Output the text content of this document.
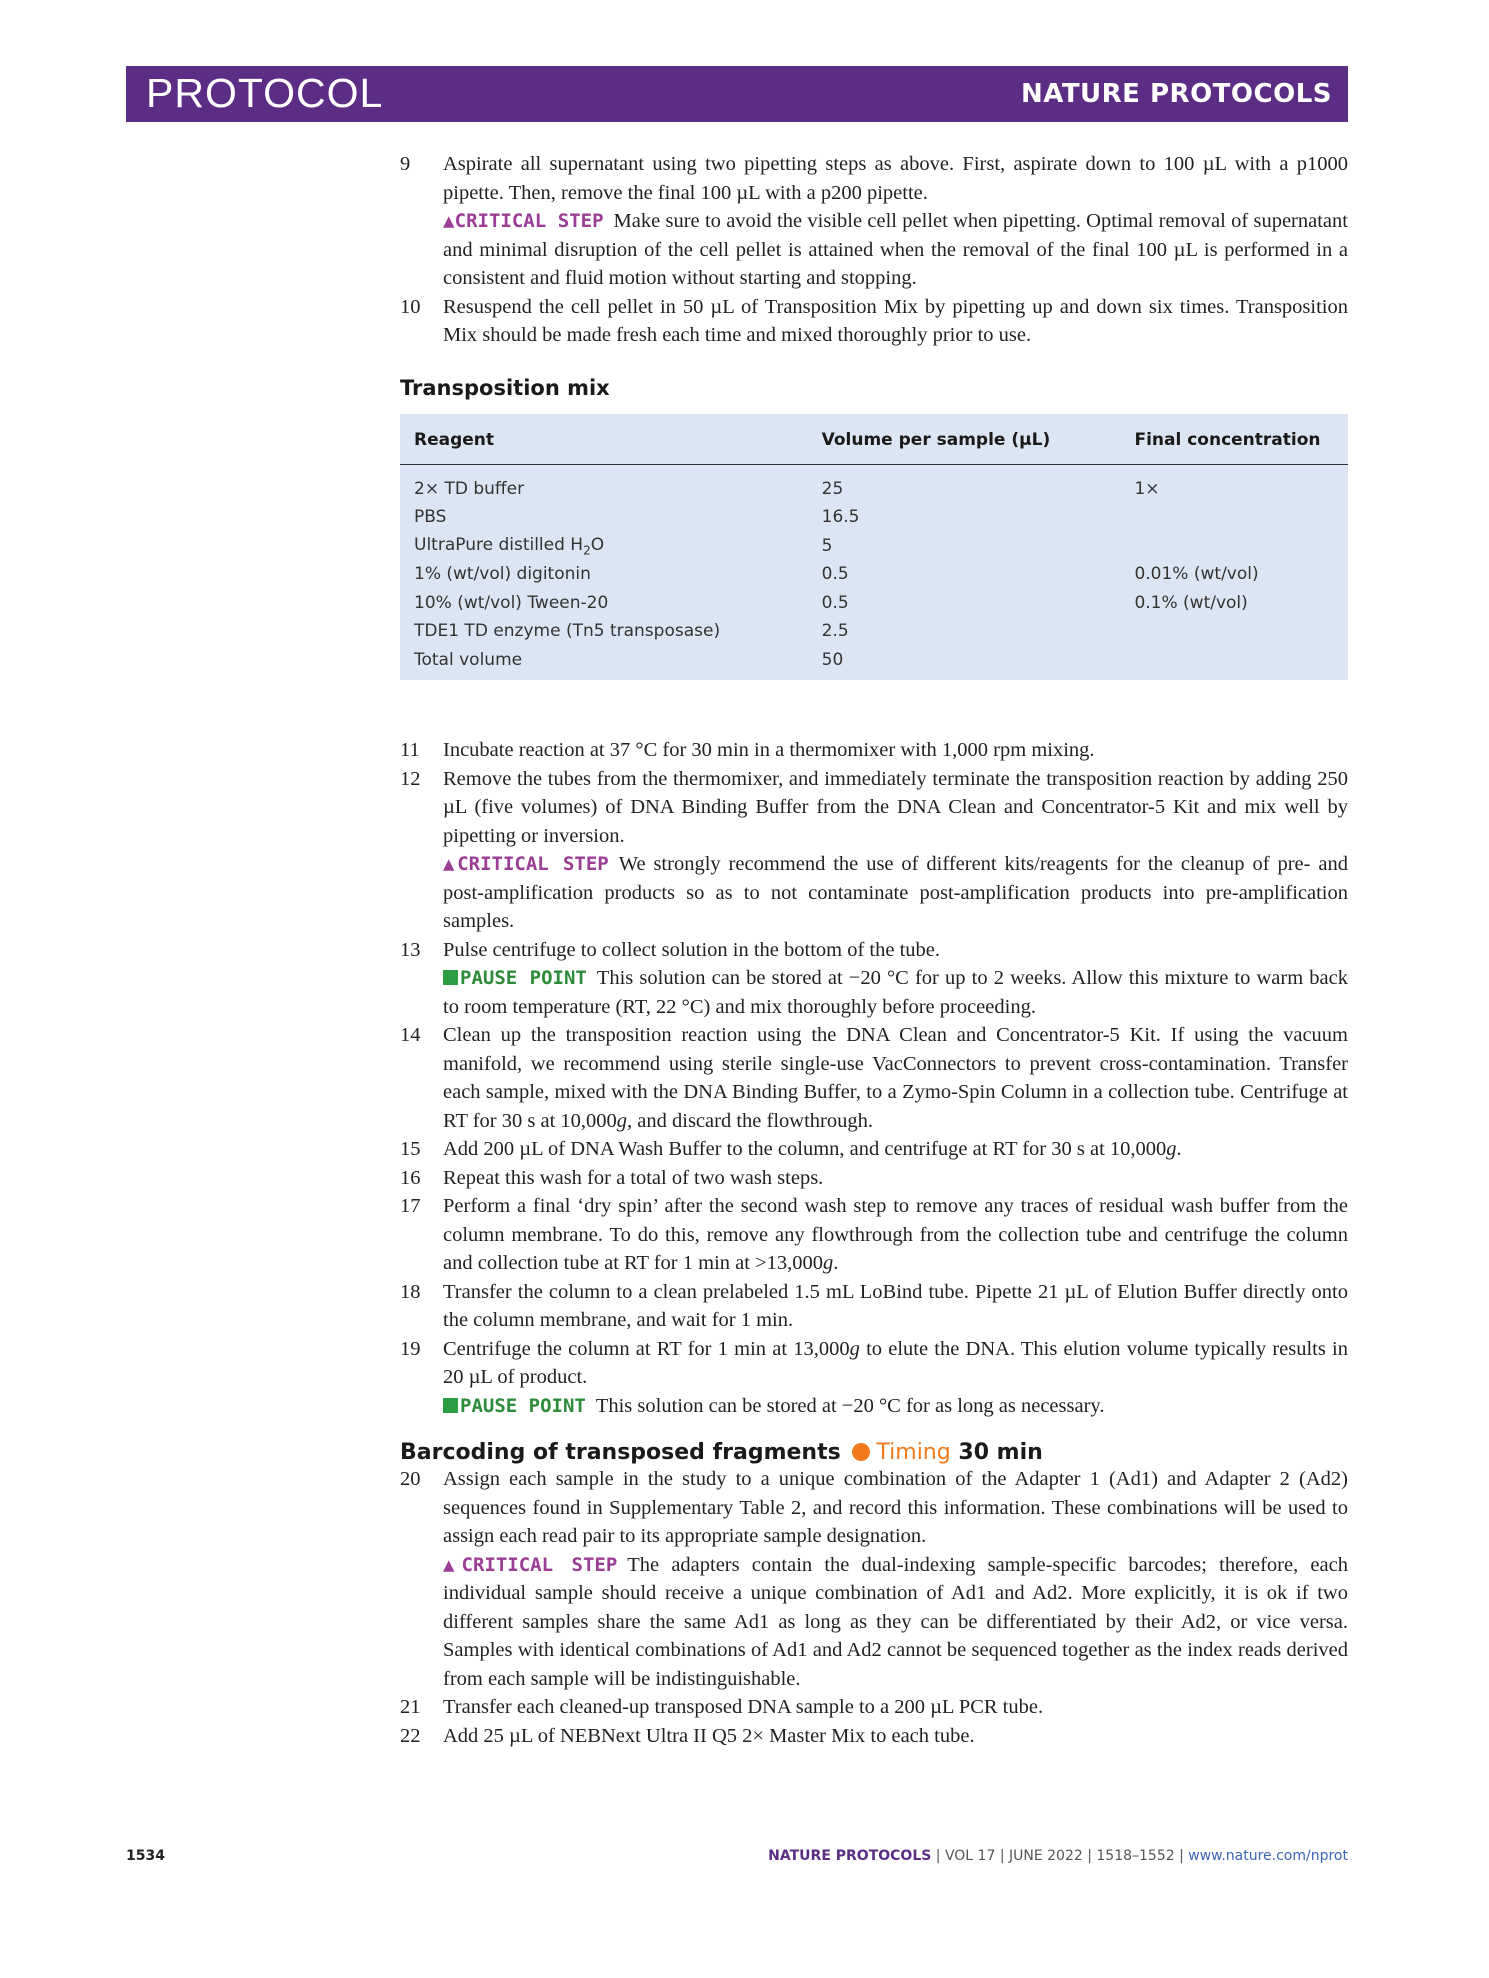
PROTOCOL	NATURE PROTOCOLS
9	Aspirate all supernatant using two pipetting steps as above. First, aspirate down to 100 µL with a p1000 pipette. Then, remove the final 100 µL with a p200 pipette.
▲CRITICAL STEP Make sure to avoid the visible cell pellet when pipetting. Optimal removal of supernatant and minimal disruption of the cell pellet is attained when the removal of the final 100 µL is performed in a consistent and fluid motion without starting and stopping.
10	Resuspend the cell pellet in 50 µL of Transposition Mix by pipetting up and down six times. Transposition Mix should be made fresh each time and mixed thoroughly prior to use.
Transposition mix
Reagent	Volume per sample (µL)	Final concentration
2× TD buffer	25	1×
PBS	16.5	
UltraPure distilled $H_2O$	5	
1% (wt/vol) digitonin	0.5	0.01% (wt/vol)
10% (wt/vol) Tween-20	0.5	0.1% (wt/vol)
TDE1 TD enzyme (Tn5 transposase)	2.5	
Total volume	50	
11	Incubate reaction at 37 °C for 30 min in a thermomixer with 1,000 rpm mixing.
12	Remove the tubes from the thermomixer, and immediately terminate the transposition reaction by adding 250 µL (five volumes) of DNA Binding Buffer from the DNA Clean and Concentrator-5 Kit and mix well by pipetting or inversion.
▲CRITICAL STEP We strongly recommend the use of different kits/reagents for the cleanup of pre- and post-amplification products so as to not contaminate post-amplification products into pre-amplification samples.
13	Pulse centrifuge to collect solution in the bottom of the tube.
PAUSE POINT This solution can be stored at −20 °C for up to 2 weeks. Allow this mixture to warm back to room temperature (RT, 22 °C) and mix thoroughly before proceeding.
14	Clean up the transposition reaction using the DNA Clean and Concentrator-5 Kit. If using the vacuum manifold, we recommend using sterile single-use VacConnectors to prevent cross-contamination. Transfer each sample, mixed with the DNA Binding Buffer, to a Zymo-Spin Column in a collection tube. Centrifuge at RT for 30 s at 10,000g, and discard the flowthrough.
15	Add 200 µL of DNA Wash Buffer to the column, and centrifuge at RT for 30 s at 10,000g.
16	Repeat this wash for a total of two wash steps.
17	Perform a final ‘dry spin’ after the second wash step to remove any traces of residual wash buffer from the column membrane. To do this, remove any flowthrough from the collection tube and centrifuge the column and collection tube at RT for 1 min at >13,000g.
18	Transfer the column to a clean prelabeled 1.5 mL LoBind tube. Pipette 21 µL of Elution Buffer directly onto the column membrane, and wait for 1 min.
19	Centrifuge the column at RT for 1 min at 13,000g to elute the DNA. This elution volume typically results in 20 µL of product.
PAUSE POINT This solution can be stored at −20 °C for as long as necessary.
Barcoding of transposed fragments Timing 30 min
20	Assign each sample in the study to a unique combination of the Adapter 1 (Ad1) and Adapter 2 (Ad2) sequences found in Supplementary Table 2, and record this information. These combinations will be used to assign each read pair to its appropriate sample designation.
▲CRITICAL STEP The adapters contain the dual-indexing sample-specific barcodes; therefore, each individual sample should receive a unique combination of Ad1 and Ad2. More explicitly, it is ok if two different samples share the same Ad1 as long as they can be differentiated by their Ad2, or vice versa. Samples with identical combinations of Ad1 and Ad2 cannot be sequenced together as the index reads derived from each sample will be indistinguishable.
21	Transfer each cleaned-up transposed DNA sample to a 200 µL PCR tube.
22	Add 25 µL of NEBNext Ultra II Q5 2× Master Mix to each tube.
1534	NATURE PROTOCOLS | VOL 17 | JUNE 2022 | 1518–1552 | www.nature.com/nprot
